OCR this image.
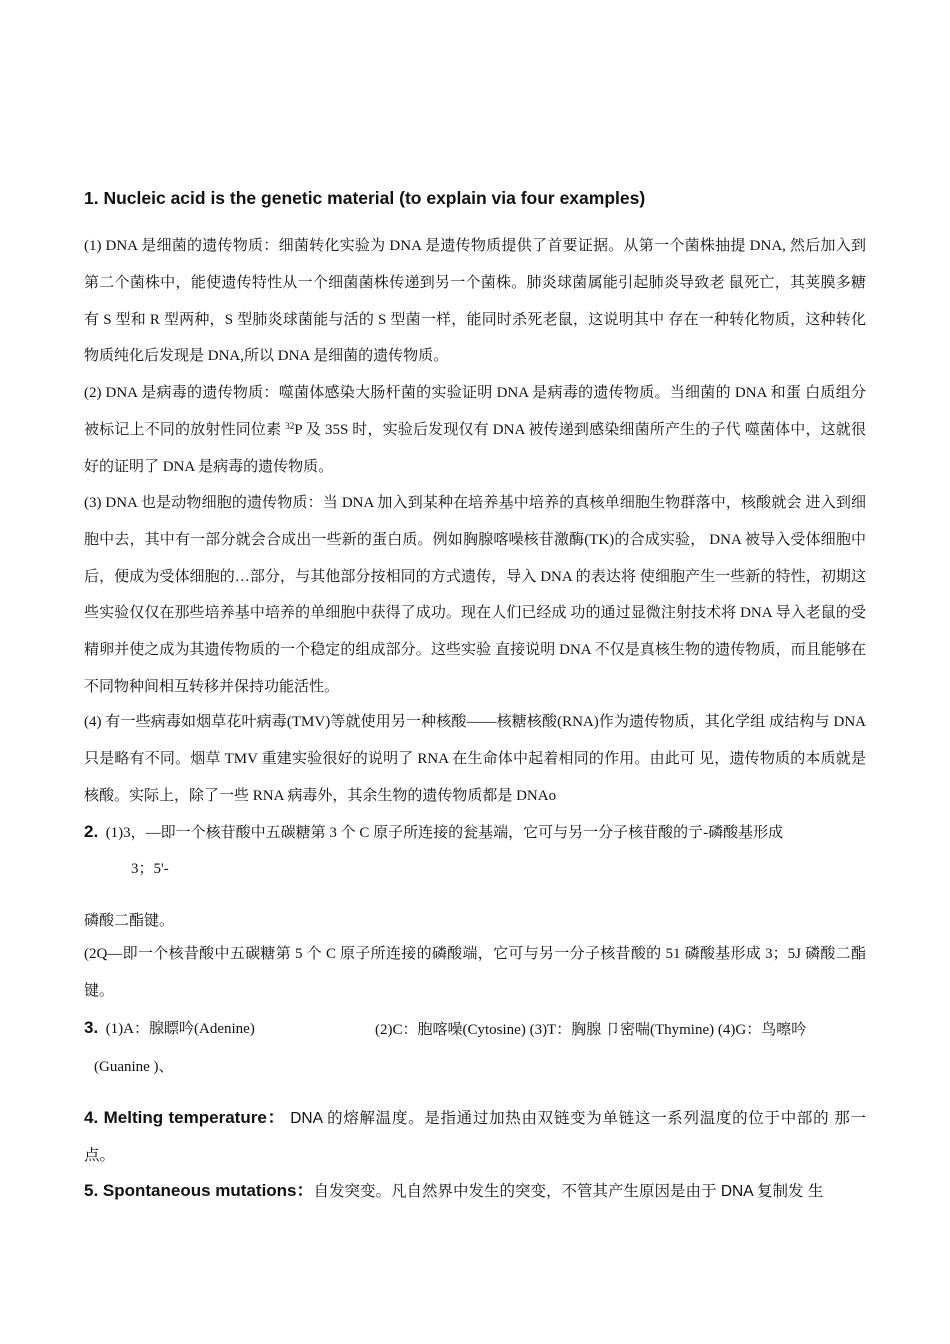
1. Nucleic acid is the genetic material (to explain via four examples)
(1) DNA 是细菌的遗传物质：细菌转化实验为 DNA 是遗传物质提供了首要证据。从第一个菌株抽提 DNA, 然后加入到第二个菌株中，能使遗传特性从一个细菌菌株传递到另一个菌株。肺炎球菌属能引起肺炎导致老 鼠死亡，其荚膜多糖有 S 型和 R 型两种，S 型肺炎球菌能与活的 S 型菌一样，能同时杀死老鼠，这说明其中 存在一种转化物质，这种转化物质纯化后发现是 DNA,所以 DNA 是细菌的遗传物质。
(2) DNA 是病毒的遗传物质：噬菌体感染大肠杆菌的实验证明 DNA 是病毒的遗传物质。当细菌的 DNA 和蛋 白质组分被标记上不同的放射性同位素 $^{32}$P 及 35S 时，实验后发现仅有 DNA 被传递到感染细菌所产生的子代 噬菌体中，这就很好的证明了 DNA 是病毒的遗传物质。
(3) DNA 也是动物细胞的遗传物质：当 DNA 加入到某种在培养基中培养的真核单细胞生物群落中，核酸就会 进入到细胞中去，其中有一部分就会合成出一些新的蛋白质。例如胸腺喀噪核苷激酶(TK)的合成实验， DNA 被导入受体细胞中后，便成为受体细胞的…部分，与其他部分按相同的方式遗传，导入 DNA 的表达将 使细胞产生一些新的特性，初期这些实验仅仅在那些培养基中培养的单细胞中获得了成功。现在人们已经成 功的通过显微注射技术将 DNA 导入老鼠的受精卵并使之成为其遗传物质的一个稳定的组成部分。这些实验 直接说明 DNA 不仅是真核生物的遗传物质，而且能够在不同物种间相互转移并保持功能活性。
(4) 有一些病毒如烟草花叶病毒(TMV)等就使用另一种核酸——核糖核酸(RNA)作为遗传物质，其化学组 成结构与 DNA 只是略有不同。烟草 TMV 重建实验很好的说明了 RNA 在生命体中起着相同的作用。由此可 见，遗传物质的本质就是核酸。实际上，除了一些 RNA 病毒外，其余生物的遗传物质都是 DNAo
2. (1)3，—即一个核苷酸中五碳糖第 3 个 C 原子所连接的瓮基端，它可与另一分子核苷酸的亍-磷酸基形成
3；5'-
磷酸二酯键。
(2Q—即一个核昔酸中五碳糖第 5 个 C 原子所连接的磷酸端，它可与另一分子核昔酸的 51 磷酸基形成 3；5J 磷酸二酯键。
3. (1)A：腺瞟吟(Adenine)	(2)C：胞喀噪(Cytosine) (3)T：胸腺 卩密喘(Thymine) (4)G：鸟嚓吟
(Guanine )、
4. Melting temperature： DNA 的熔解温度。是指通过加热由双链变为单链这一系列温度的位于中部的 那一点。
5. Spontaneous mutations：自发突变。凡自然界中发生的突变，不管其产生原因是由于 DNA 复制发 生
